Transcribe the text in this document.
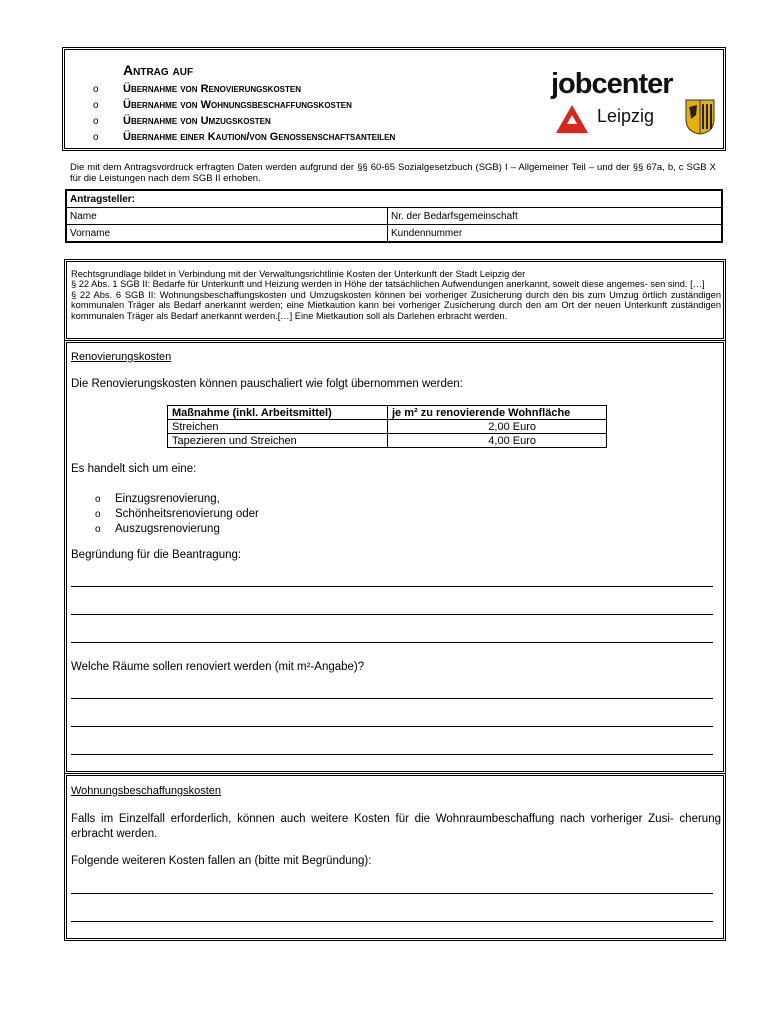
Antrag auf
o Übernahme von Renovierungskosten
o Übernahme von Wohnungsbeschaffungskosten
o Übernahme von Umzugskosten
o Übernahme einer Kaution/von Genossenschaftsanteilen
jobcenter
Leipzig
Die mit dem Antragsvordruck erfragten Daten werden aufgrund der §§ 60-65 Sozialgesetzbuch (SGB) I – Allgemeiner Teil – und der §§ 67a, b, c SGB X für die Leistungen nach dem SGB II erhoben.
Antragsteller:	
Name	Nr. der Bedarfsgemeinschaft
Vorname	Kundennummer
Rechtsgrundlage bildet in Verbindung mit der Verwaltungsrichtlinie Kosten der Unterkunft der Stadt Leipzig der
§ 22 Abs. 1 SGB II: Bedarfe für Unterkunft und Heizung werden in Höhe der tatsächlichen Aufwendungen anerkannt, soweit diese angemes- sen sind. […]
§ 22 Abs. 6 SGB II: Wohnungsbeschaffungskosten und Umzugskosten können bei vorheriger Zusicherung durch den bis zum Umzug örtlich zuständigen kommunalen Träger als Bedarf anerkannt werden; eine Mietkaution kann bei vorheriger Zusicherung durch den am Ort der neuen Unterkunft zuständigen kommunalen Träger als Bedarf anerkannt werden.[…] Eine Mietkaution soll als Darlehen erbracht werden.
Renovierungskosten
Die Renovierungskosten können pauschaliert wie folgt übernommen werden:
Maßnahme (inkl. Arbeitsmittel)	je m² zu renovierende Wohnfläche
Streichen	2,00 Euro
Tapezieren und Streichen	4,00 Euro
Es handelt sich um eine:
o Einzugsrenovierung,
o Schönheitsrenovierung oder
o Auszugsrenovierung
Begründung für die Beantragung:
Welche Räume sollen renoviert werden (mit m²-Angabe)?
Wohnungsbeschaffungskosten
Falls im Einzelfall erforderlich, können auch weitere Kosten für die Wohnraumbeschaffung nach vorheriger Zusi- cherung erbracht werden.
Folgende weiteren Kosten fallen an (bitte mit Begründung):
